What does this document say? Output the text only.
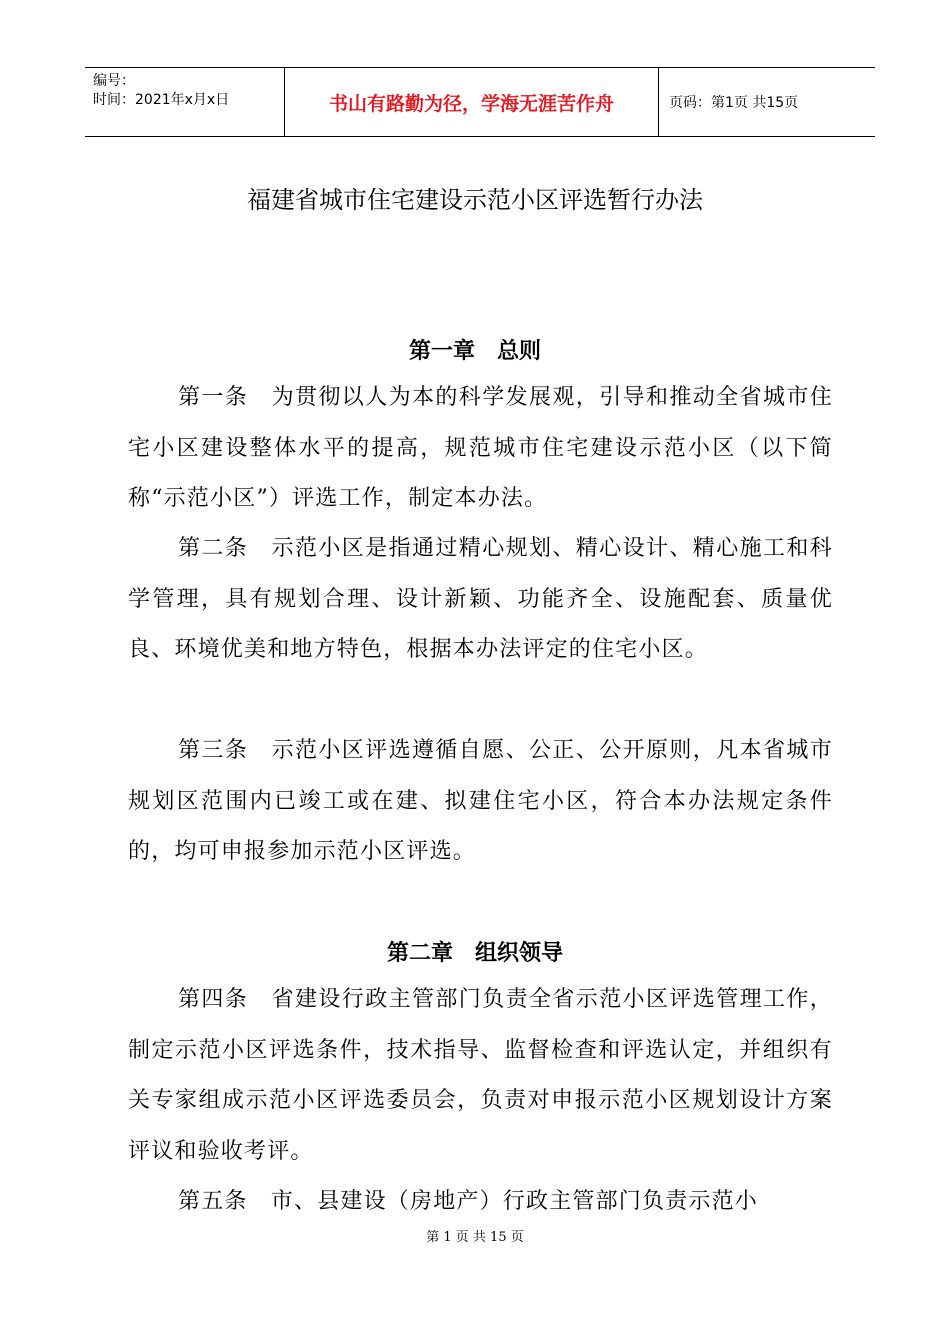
编号：
时间：2021年x月x日	书山有路勤为径，学海无涯苦作舟	页码：第1页 共15页
福建省城市住宅建设示范小区评选暂行办法
第一章　总则
第一条　为贯彻以人为本的科学发展观，引导和推动全省城市住宅小区建设整体水平的提高，规范城市住宅建设示范小区（以下简称“示范小区”）评选工作，制定本办法。
第二条　示范小区是指通过精心规划、精心设计、精心施工和科学管理，具有规划合理、设计新颖、功能齐全、设施配套、质量优良、环境优美和地方特色，根据本办法评定的住宅小区。
第三条　示范小区评选遵循自愿、公正、公开原则，凡本省城市规划区范围内已竣工或在建、拟建住宅小区，符合本办法规定条件的，均可申报参加示范小区评选。
第二章　组织领导
第四条　省建设行政主管部门负责全省示范小区评选管理工作，制定示范小区评选条件，技术指导、监督检查和评选认定，并组织有关专家组成示范小区评选委员会，负责对申报示范小区规划设计方案评议和验收考评。
第五条　市、县建设（房地产）行政主管部门负责示范小
第 1 页 共 15 页
